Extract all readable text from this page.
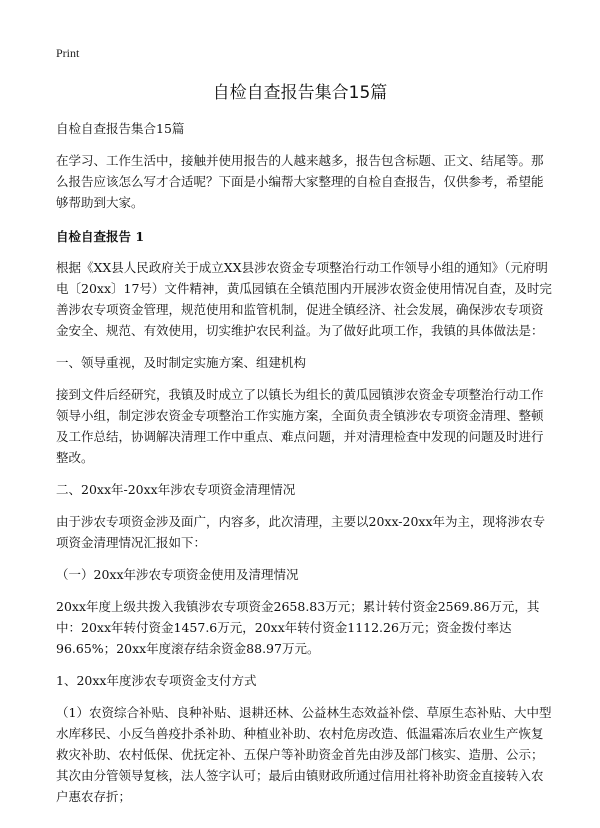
Print
自检自查报告集合15篇

自检自查报告集合15篇

在学习、工作生活中，接触并使用报告的人越来越多，报告包含标题、正文、结尾等。那么报告应该怎么写才合适呢？下面是小编帮大家整理的自检自查报告，仅供参考，希望能够帮助到大家。

自检自查报告 1

根据《XX县人民政府关于成立XX县涉农资金专项整治行动工作领导小组的通知》（元府明电〔20xx〕17号）文件精神，黄瓜园镇在全镇范围内开展涉农资金使用情况自查，及时完善涉农专项资金管理，规范使用和监管机制，促进全镇经济、社会发展，确保涉农专项资金安全、规范、有效使用，切实维护农民利益。为了做好此项工作，我镇的具体做法是：

一、领导重视，及时制定实施方案、组建机构

接到文件后经研究，我镇及时成立了以镇长为组长的黄瓜园镇涉农资金专项整治行动工作领导小组，制定涉农资金专项整治工作实施方案，全面负责全镇涉农专项资金清理、整顿及工作总结，协调解决清理工作中重点、难点问题，并对清理检查中发现的问题及时进行整改。

二、20xx年-20xx年涉农专项资金清理情况

由于涉农专项资金涉及面广，内容多，此次清理，主要以20xx-20xx年为主，现将涉农专项资金清理情况汇报如下：

（一）20xx年涉农专项资金使用及清理情况

20xx年度上级共拨入我镇涉农专项资金2658.83万元；累计转付资金2569.86万元，其中：20xx年转付资金1457.6万元，20xx年转付资金1112.26万元；资金拨付率达96.65%；20xx年度滚存结余资金88.97万元。

1、20xx年度涉农专项资金支付方式

（1）农资综合补贴、良种补贴、退耕还林、公益林生态效益补偿、草原生态补贴、大中型水库移民、小反刍兽疫扑杀补助、种植业补助、农村危房改造、低温霜冻后农业生产恢复救灾补助、农村低保、优抚定补、五保户等补助资金首先由涉及部门核实、造册、公示；其次由分管领导复核，法人签字认可；最后由镇财政所通过信用社将补助资金直接转入农户惠农存折；
